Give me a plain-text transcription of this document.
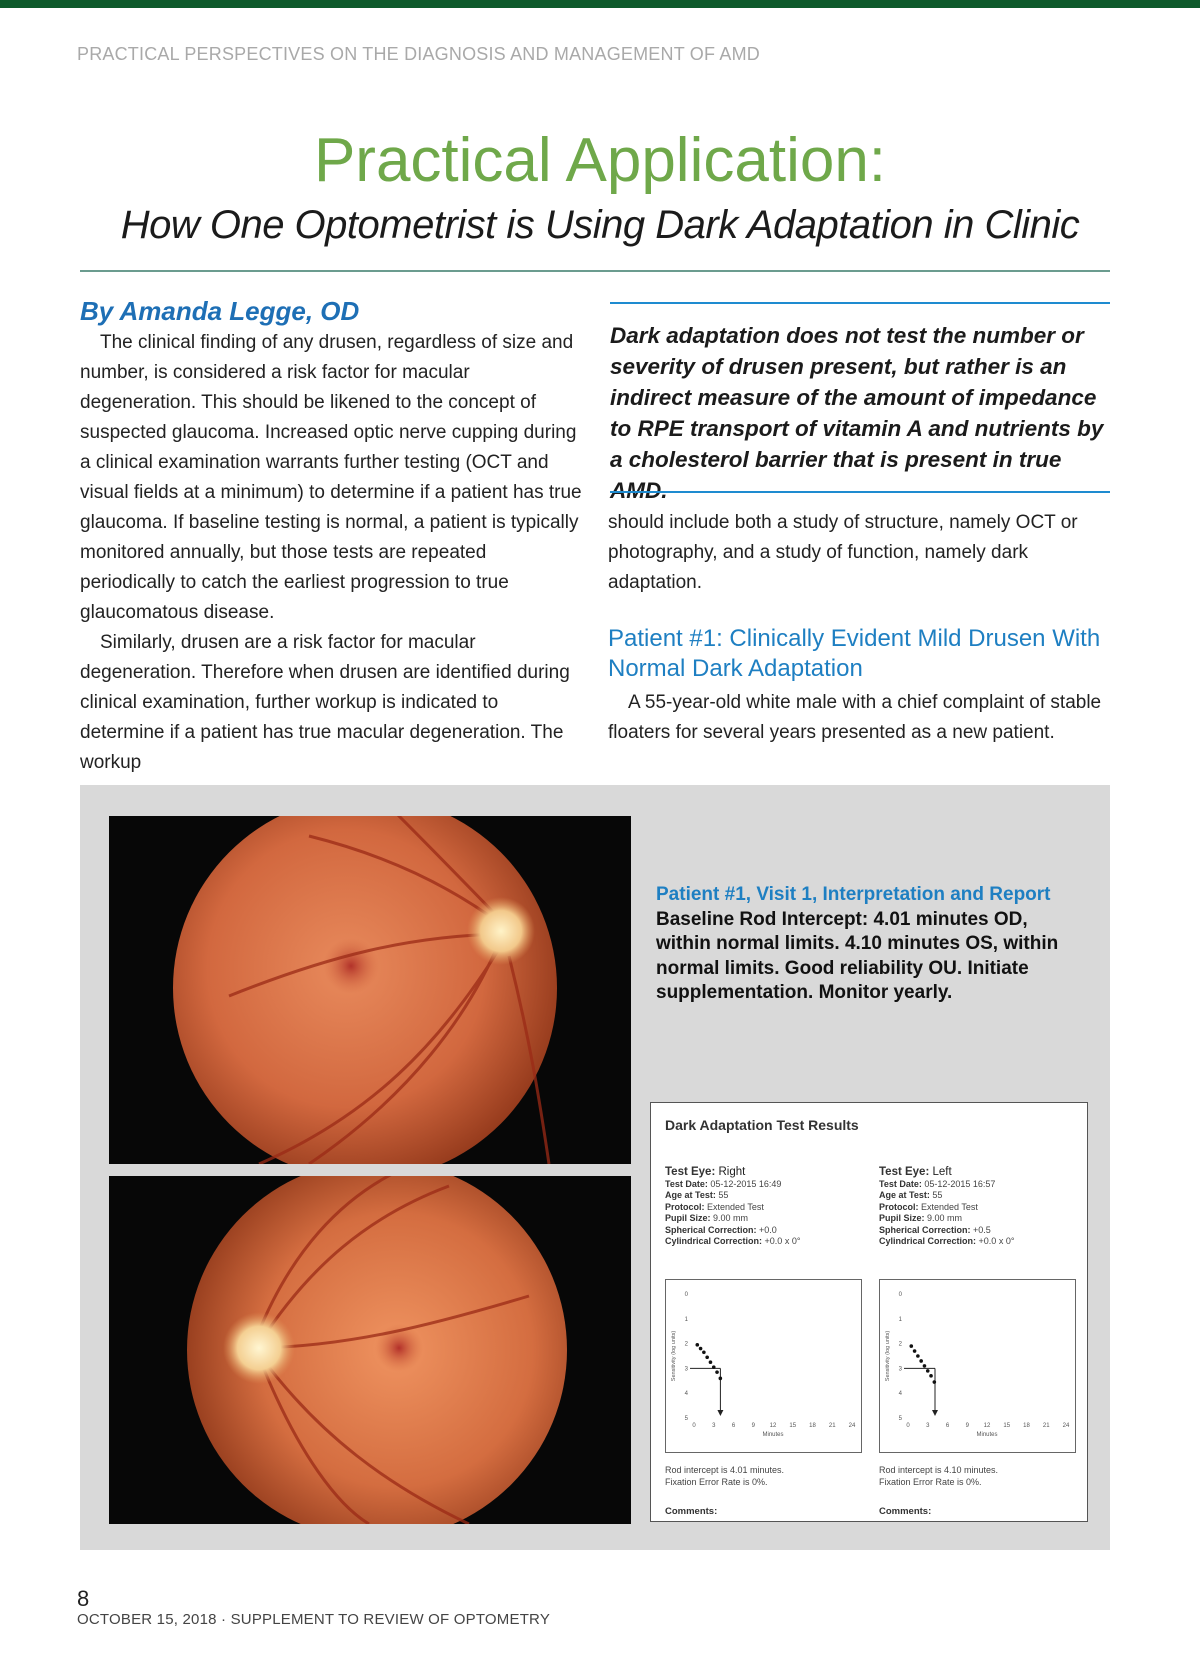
PRACTICAL PERSPECTIVES ON THE DIAGNOSIS AND MANAGEMENT OF AMD
Practical Application:
How One Optometrist is Using Dark Adaptation in Clinic
By Amanda Legge, OD

The clinical finding of any drusen, regardless of size and number, is considered a risk factor for macular degeneration. This should be likened to the concept of suspected glaucoma. Increased optic nerve cupping during a clinical examination warrants further testing (OCT and visual fields at a minimum) to determine if a patient has true glaucoma. If baseline testing is normal, a patient is typically monitored annually, but those tests are repeated periodically to catch the earliest progression to true glaucomatous disease.

Similarly, drusen are a risk factor for macular degeneration. Therefore when drusen are identified during clinical examination, further workup is indicated to determine if a patient has true macular degeneration. The workup

Dark adaptation does not test the number or severity of drusen present, but rather is an indirect measure of the amount of impedance to RPE transport of vitamin A and nutrients by a cholesterol barrier that is present in true AMD.

should include both a study of structure, namely OCT or photography, and a study of function, namely dark adaptation.

Patient #1: Clinically Evident Mild Drusen With Normal Dark Adaptation

A 55-year-old white male with a chief complaint of stable floaters for several years presented as a new patient.

Patient #1, Visit 1, Interpretation and Report
Baseline Rod Intercept: 4.01 minutes OD, within normal limits. 4.10 minutes OS, within normal limits. Good reliability OU. Initiate supplementation. Monitor yearly.
Dark Adaptation Test Results
Test Eye: Right
Test Date: 05-12-2015 16:49
Age at Test: 55
Protocol: Extended Test
Pupil Size: 9.00 mm
Spherical Correction: +0.0
Cylindrical Correction: +0.0 x 0°
Test Eye: Left
Test Date: 05-12-2015 16:57
Age at Test: 55
Protocol: Extended Test
Pupil Size: 9.00 mm
Spherical Correction: +0.5
Cylindrical Correction: +0.0 x 0°
Sensitivity (log units)
0
1
2
3
4
5
0	3	6	9 12 15 18 21 24
Minutes
Sensitivity (log units)
0
1
2
3
4
5
0	3	6	9 12 15 18 21 24
Minutes
Rod intercept is 4.01 minutes.
Fixation Error Rate is 0%.
Rod intercept is 4.10 minutes.
Fixation Error Rate is 0%.
Comments:	Comments:
8
OCTOBER 15, 2018 · SUPPLEMENT TO REVIEW OF OPTOMETRY
